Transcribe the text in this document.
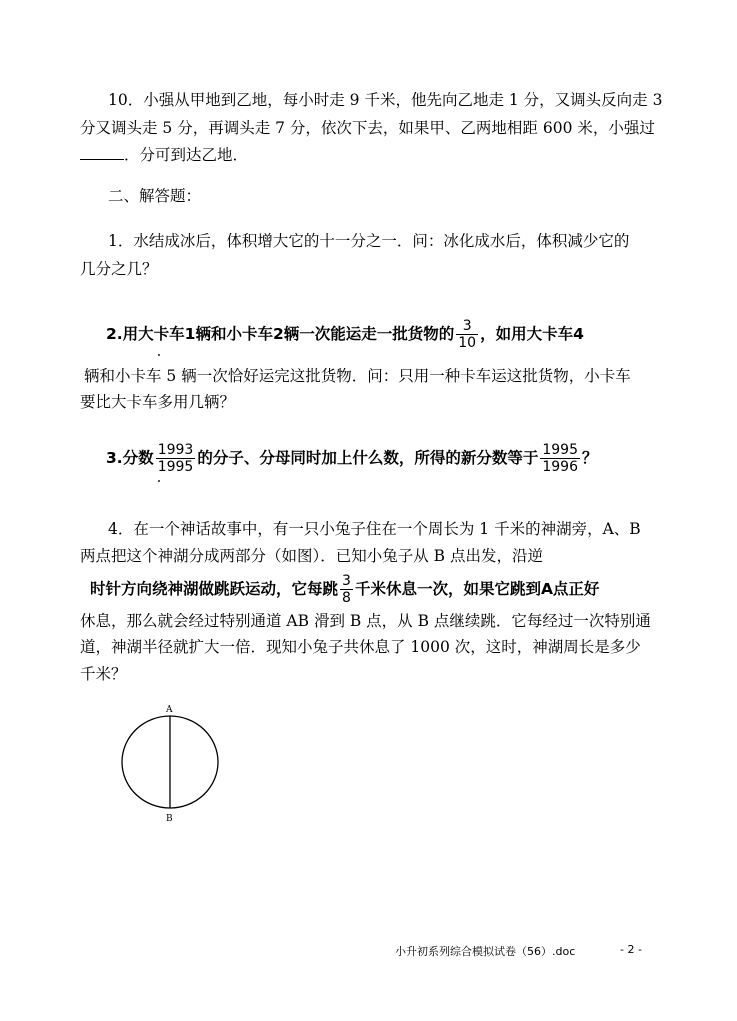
10．小强从甲地到乙地，每小时走 9 千米，他先向乙地走 1 分，又调头反向走 3
分又调头走 5 分，再调头走 7 分，依次下去，如果甲、乙两地相距 600 米，小强过
．分可到达乙地．
二、解答题：
1．水结成冰后，体积增大它的十一分之一．问：冰化成水后，体积减少它的
几分之几？
2.用大卡车1辆和小卡车2辆一次能运走一批货物的 $\frac{3}{10}$ ，如用大卡车4
辆和小卡车 5 辆一次恰好运完这批货物．问：只用一种卡车运这批货物，小卡车
要比大卡车多用几辆？
3.分数 $\frac{1993}{1995}$ 的分子、分母同时加上什么数，所得的新分数等于 $\frac{1995}{1996}$ ？
4．在一个神话故事中，有一只小兔子住在一个周长为 1 千米的神湖旁，A、B
两点把这个神湖分成两部分（如图）．已知小兔子从 B 点出发，沿逆
时针方向绕神湖做跳跃运动，它每跳 $\frac{3}{8}$ 千米休息一次，如果它跳到A点正好
休息，那么就会经过特别通道 AB 滑到 B 点，从 B 点继续跳．它每经过一次特别通
道，神湖半径就扩大一倍．现知小兔子共休息了 1000 次，这时，神湖周长是多少
千米？
A
B
小升初系列综合模拟试卷（56）.doc	- 2 -
